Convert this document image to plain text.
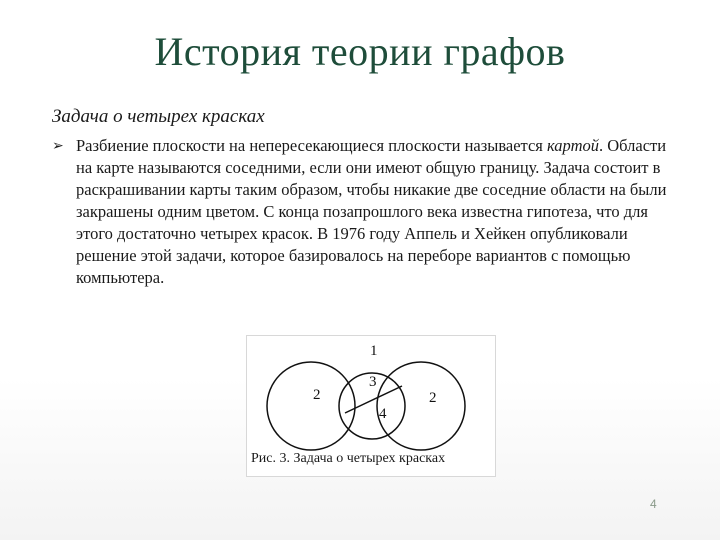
История теории графов
Задача о четырех красках
➢ Разбиение плоскости на непересекающиеся плоскости называется картой. Области на карте называются соседними, если они имеют общую границу. Задача состоит в раскрашивании карты таким образом, чтобы никакие две соседние области на были закрашены одним цветом. С конца позапрошлого века известна гипотеза, что для этого достаточно четырех красок. В 1976 году Аппель и Хейкен опубликовали решение этой задачи, которое базировалось на переборе вариантов с помощью компьютера.
1
2
3
2
4
Рис. 3. Задача о четырех красках
4
